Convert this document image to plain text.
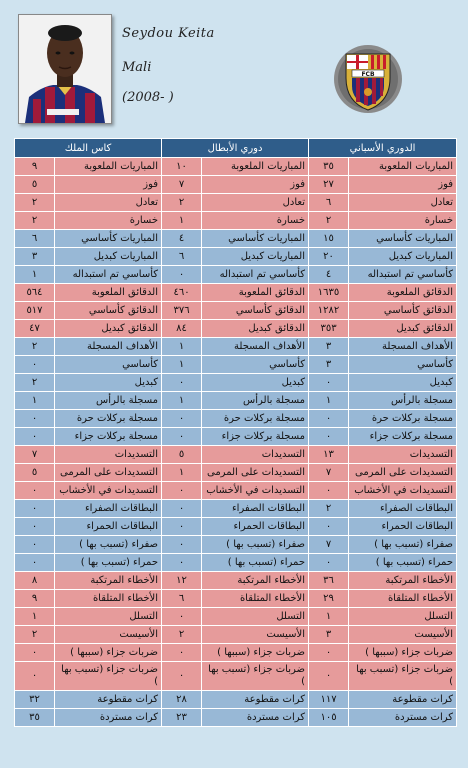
Seydou Keita
Mali
(2008- )
FCB
كاس الملك		دوري الأبطال		الدوري الأسباني	
٩	المباريات الملعوبة	١٠	المباريات الملعوبة	٣٥	المباريات الملعوبة
٥	فوز	٧	فوز	٢٧	فوز
٢	تعادل	٢	تعادل	٦	تعادل
٢	خسارة	١	خسارة	٢	خسارة
٦	المباريات كأساسي	٤	المباريات كأساسي	١٥	المباريات كأساسي
٣	المباريات كبديل	٦	المباريات كبديل	٢٠	المباريات كبديل
١	كأساسي تم استبداله	٠	كأساسي تم استبداله	٤	كأساسي تم استبداله
٥٦٤	الدقائق الملعوبة	٤٦٠	الدقائق الملعوبة	١٦٣٥	الدقائق الملعوبة
٥١٧	الدقائق كأساسي	٣٧٦	الدقائق كأساسي	١٢٨٢	الدقائق كأساسي
٤٧	الدقائق كبديل	٨٤	الدقائق كبديل	٣٥٣	الدقائق كبديل
٢	الأهداف المسجلة	١	الأهداف المسجلة	٣	الأهداف المسجلة
٠	كأساسي	١	كأساسي	٣	كأساسي
٢	كبديل	٠	كبديل	٠	كبديل
١	مسجلة بالرأس	١	مسجلة بالرأس	١	مسجلة بالرأس
٠	مسجلة بركلات حرة	٠	مسجلة بركلات حرة	٠	مسجلة بركلات حرة
٠	مسجلة بركلات جزاء	٠	مسجلة بركلات جزاء	٠	مسجلة بركلات جزاء
٧	التسديدات	٥	التسديدات	١٣	التسديدات
٥	التسديدات على المرمى	١	التسديدات على المرمى	٧	التسديدات على المرمى
٠	التسديدات في الأخشاب	٠	التسديدات في الأخشاب	٠	التسديدات في الأخشاب
٠	البطاقات الصفراء	٠	البطاقات الصفراء	٢	البطاقات الصفراء
٠	البطاقات الحمراء	٠	البطاقات الحمراء	٠	البطاقات الحمراء
٠	صفراء (تسبب بها )	٠	صفراء (تسبب بها )	٧	صفراء (تسبب بها )
٠	حمراء (تسبب بها )	٠	حمراء (تسبب بها )	٠	حمراء (تسبب بها )
٨	الأخطاء المرتكبة	١٢	الأخطاء المرتكبة	٣٦	الأخطاء المرتكبة
٩	الأخطاء المتلقاة	٦	الأخطاء المتلقاة	٢٩	الأخطاء المتلقاة
١	التسلل	٠	التسلل	١	التسلل
٢	الأسيست	٢	الأسيست	٣	الأسيست
٠	ضربات جزاء (سببها )	٠	ضربات جزاء (سببها )	٠	ضربات جزاء (سببها )
٠	ضربات جزاء (تسبب بها )	٠	ضربات جزاء (تسبب بها )	٠	ضربات جزاء (تسبب بها )
٣٢	كرات مقطوعة	٢٨	كرات مقطوعة	١١٧	كرات مقطوعة
٣٥	كرات مستردة	٢٣	كرات مستردة	١٠٥	كرات مستردة
